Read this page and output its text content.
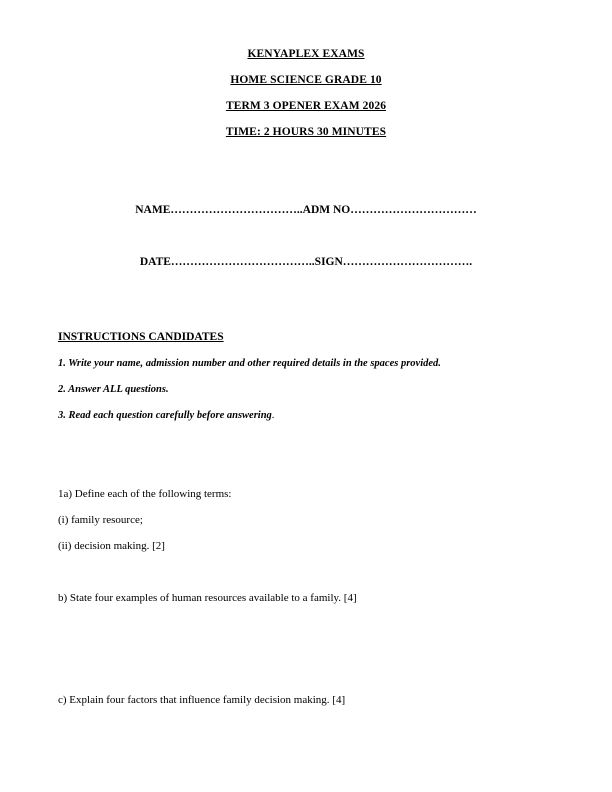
KENYAPLEX EXAMS
HOME SCIENCE GRADE 10
TERM 3 OPENER EXAM 2026
TIME: 2 HOURS 30 MINUTES
NAME……………………………..ADM NO……………………………
DATE………………………………..SIGN…………………………….
INSTRUCTIONS CANDIDATES
1. Write your name, admission number and other required details in the spaces provided.
2. Answer ALL questions.
3. Read each question carefully before answering.
1a) Define each of the following terms:
(i) family resource;
(ii) decision making. [2]
b) State four examples of human resources available to a family. [4]
c) Explain four factors that influence family decision making. [4]
